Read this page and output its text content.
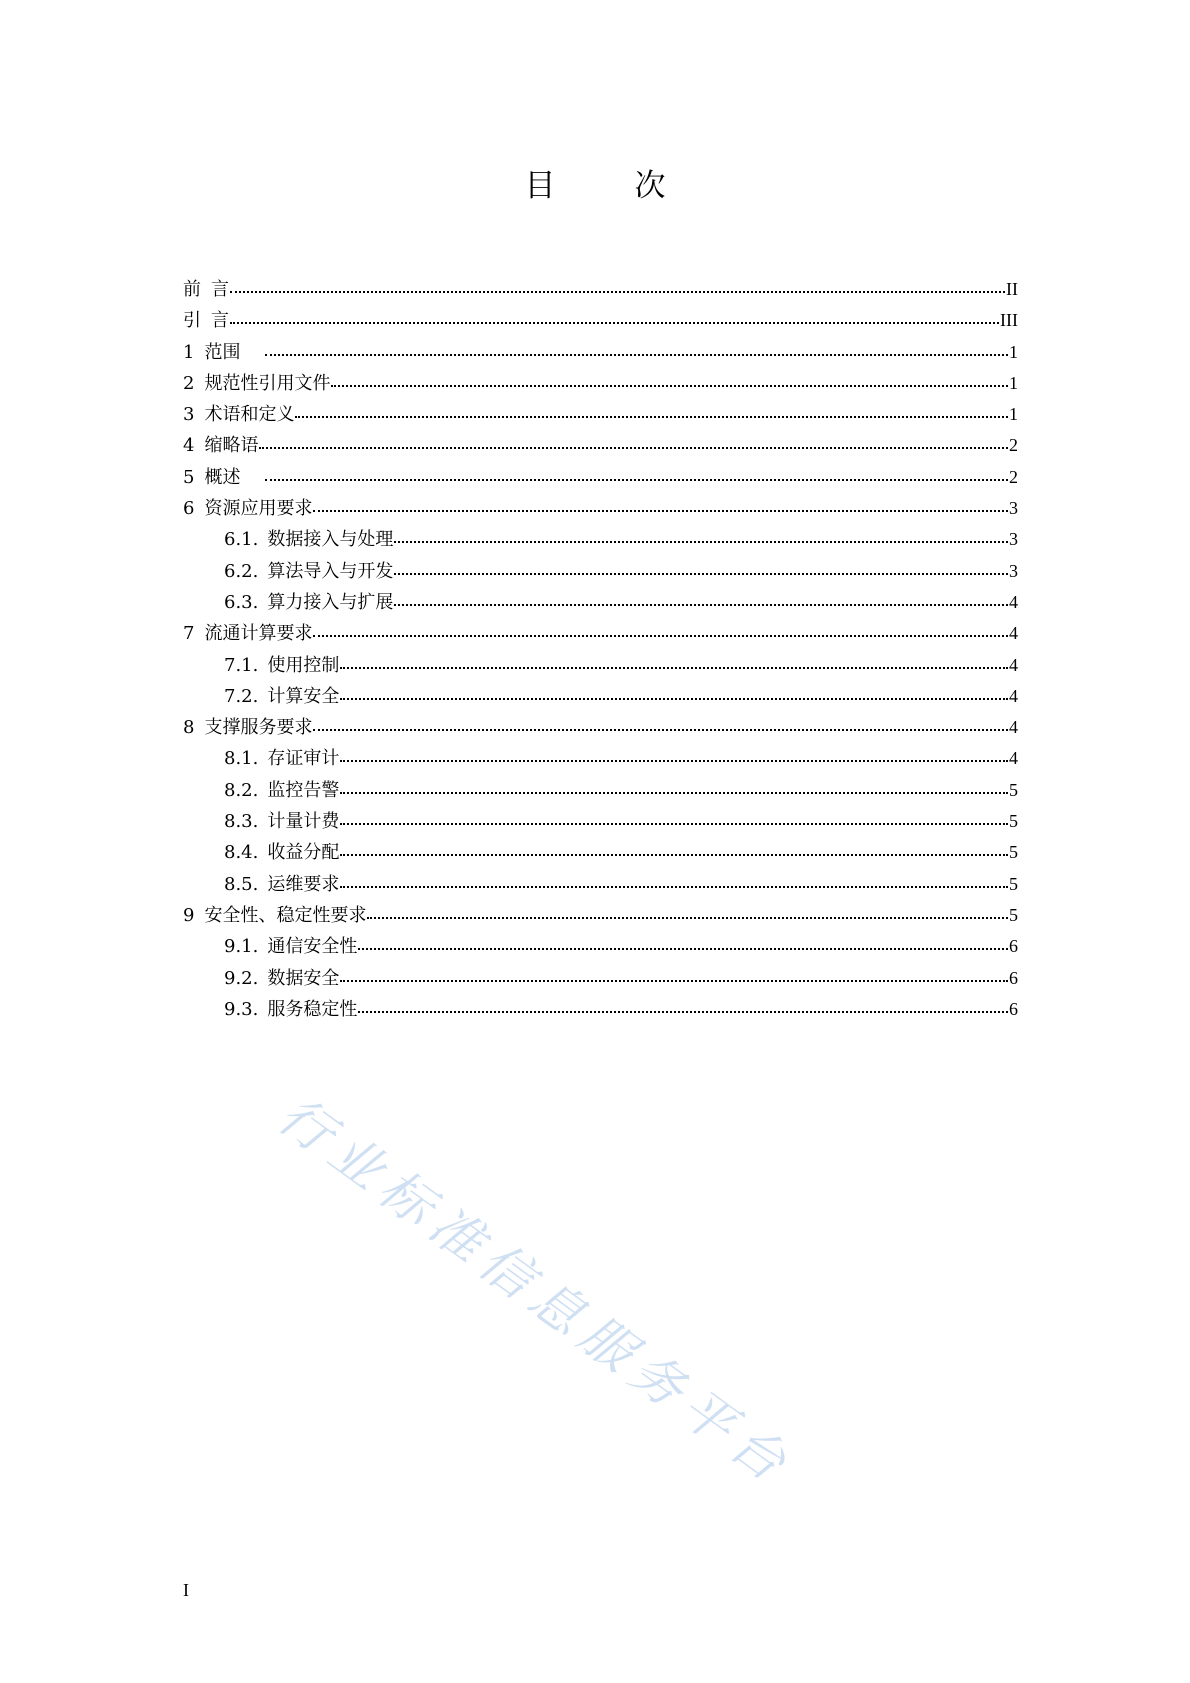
目　次
前 言	II
引 言	III
1 范围	1
2 规范性引用文件	1
3 术语和定义	1
4 缩略语	2
5 概述	2
6 资源应用要求	3
6.1. 数据接入与处理	3
6.2. 算法导入与开发	3
6.3. 算力接入与扩展	4
7 流通计算要求	4
7.1. 使用控制	4
7.2. 计算安全	4
8 支撑服务要求	4
8.1. 存证审计	4
8.2. 监控告警	5
8.3. 计量计费	5
8.4. 收益分配	5
8.5. 运维要求	5
9 安全性、稳定性要求	5
9.1. 通信安全性	6
9.2. 数据安全	6
9.3. 服务稳定性	6
行业标准信息服务平台
I
